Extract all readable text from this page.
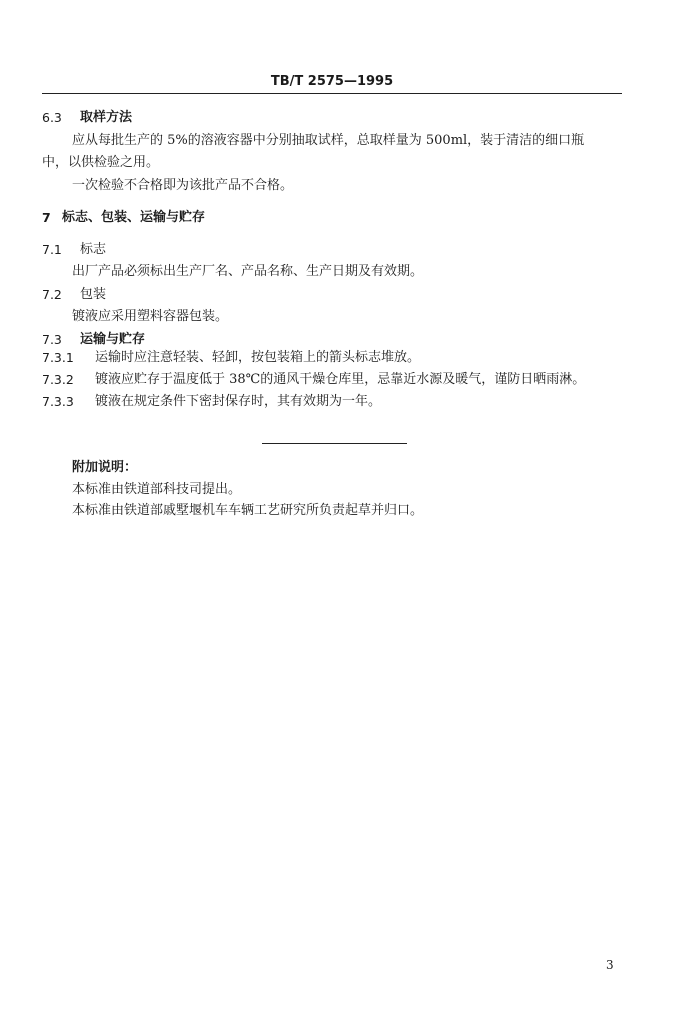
TB/T 2575—1995
6.3 取样方法
应从每批生产的 5%的溶液容器中分别抽取试样，总取样量为 500ml，装于清洁的细口瓶
中，以供检验之用。
一次检验不合格即为该批产品不合格。
7 标志、包装、运输与贮存
7.1 标志
出厂产品必须标出生产厂名、产品名称、生产日期及有效期。
7.2 包装
镀液应采用塑料容器包装。
7.3 运输与贮存
7.3.1 运输时应注意轻装、轻卸，按包装箱上的箭头标志堆放。
7.3.2 镀液应贮存于温度低于 38℃的通风干燥仓库里，忌靠近水源及暖气，谨防日晒雨淋。
7.3.3 镀液在规定条件下密封保存时，其有效期为一年。
附加说明：
本标准由铁道部科技司提出。
本标准由铁道部戚墅堰机车车辆工艺研究所负责起草并归口。
3
